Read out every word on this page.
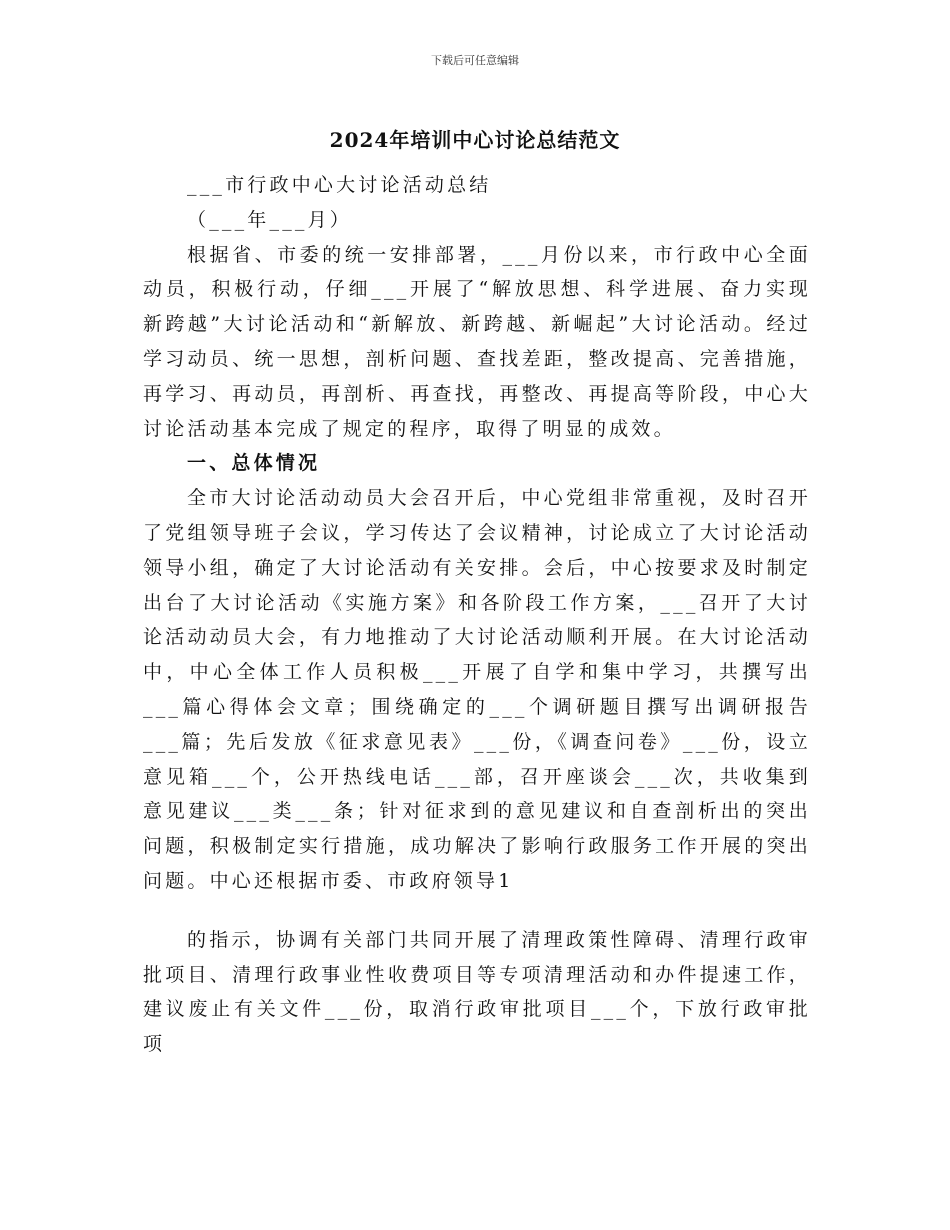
下载后可任意编辑
2024年培训中心讨论总结范文

___市行政中心大讨论活动总结

（___年___月）

根据省、市委的统一安排部署，___月份以来，市行政中心全面动员，积极行动，仔细___开展了“解放思想、科学进展、奋力实现新跨越”大讨论活动和“新解放、新跨越、新崛起”大讨论活动。经过学习动员、统一思想，剖析问题、查找差距，整改提高、完善措施，再学习、再动员，再剖析、再查找，再整改、再提高等阶段，中心大讨论活动基本完成了规定的程序，取得了明显的成效。

一、总体情况

全市大讨论活动动员大会召开后，中心党组非常重视，及时召开了党组领导班子会议，学习传达了会议精神，讨论成立了大讨论活动领导小组，确定了大讨论活动有关安排。会后，中心按要求及时制定出台了大讨论活动《实施方案》和各阶段工作方案，___召开了大讨论活动动员大会，有力地推动了大讨论活动顺利开展。在大讨论活动中，中心全体工作人员积极___开展了自学和集中学习，共撰写出___篇心得体会文章；围绕确定的___个调研题目撰写出调研报告___篇；先后发放《征求意见表》___份，《调查问卷》___份，设立意见箱___个，公开热线电话___部，召开座谈会___次，共收集到意见建议___类___条；针对征求到的意见建议和自查剖析出的突出问题，积极制定实行措施，成功解决了影响行政服务工作开展的突出问题。中心还根据市委、市政府领导1

的指示，协调有关部门共同开展了清理政策性障碍、清理行政审批项目、清理行政事业性收费项目等专项清理活动和办件提速工作，建议废止有关文件___份，取消行政审批项目___个，下放行政审批项
